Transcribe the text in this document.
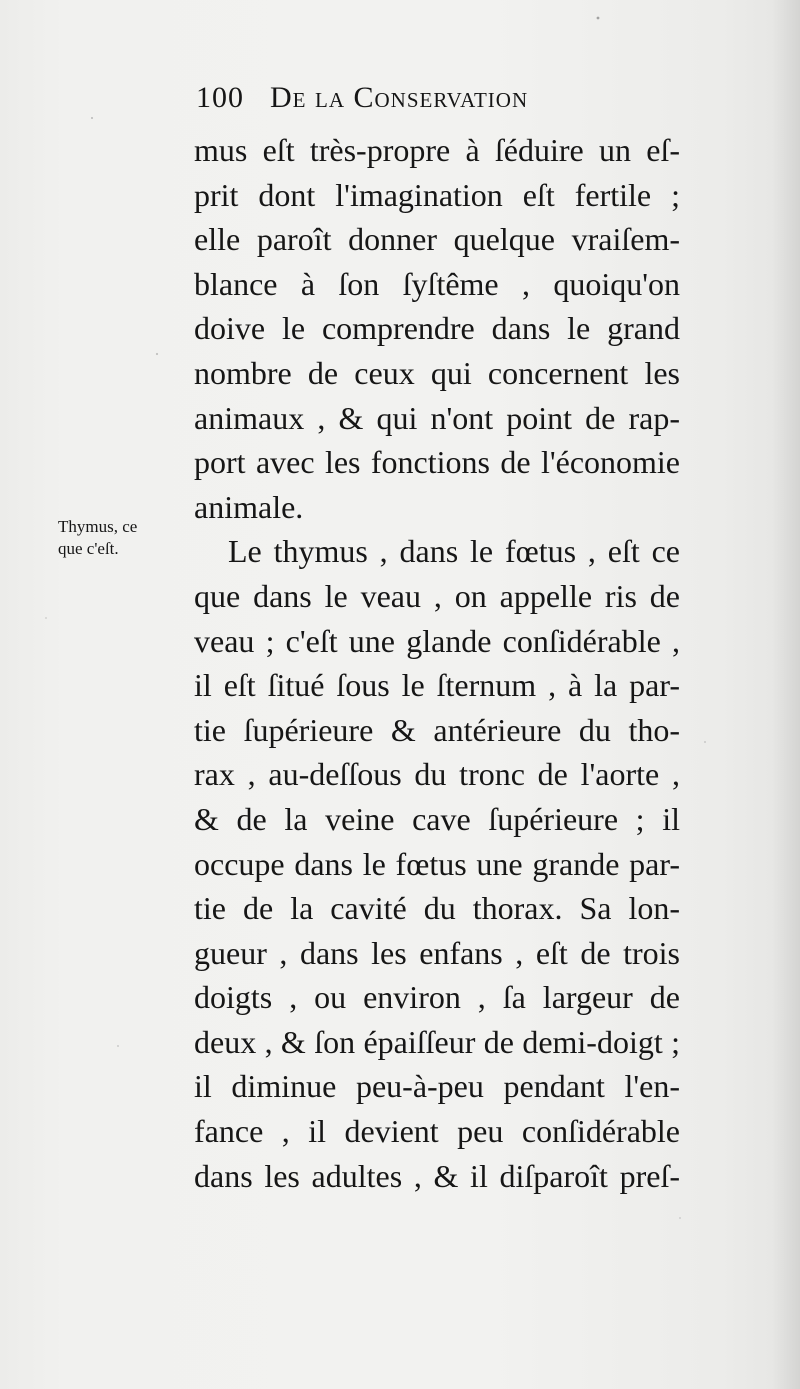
100 De la Conservation
Thymus, ce
que c'eſt.
mus eſt très-propre à ſéduire un eſ-
prit dont l'imagination eſt fertile ;
elle paroît donner quelque vraiſem-
blance à ſon ſyſtême , quoiqu'on
doive le comprendre dans le grand
nombre de ceux qui concernent les
animaux , & qui n'ont point de rap-
port avec les fonctions de l'économie
animale.
Le thymus , dans le fœtus , eſt ce
que dans le veau , on appelle ris de
veau ; c'eſt une glande conſidérable ,
il eſt ſitué ſous le ſternum , à la par-
tie ſupérieure & antérieure du tho-
rax , au-deſſous du tronc de l'aorte ,
& de la veine cave ſupérieure ; il
occupe dans le fœtus une grande par-
tie de la cavité du thorax. Sa lon-
gueur , dans les enfans , eſt de trois
doigts , ou environ , ſa largeur de
deux , & ſon épaiſſeur de demi-doigt ;
il diminue peu-à-peu pendant l'en-
fance , il devient peu conſidérable
dans les adultes , & il diſparoît preſ-
